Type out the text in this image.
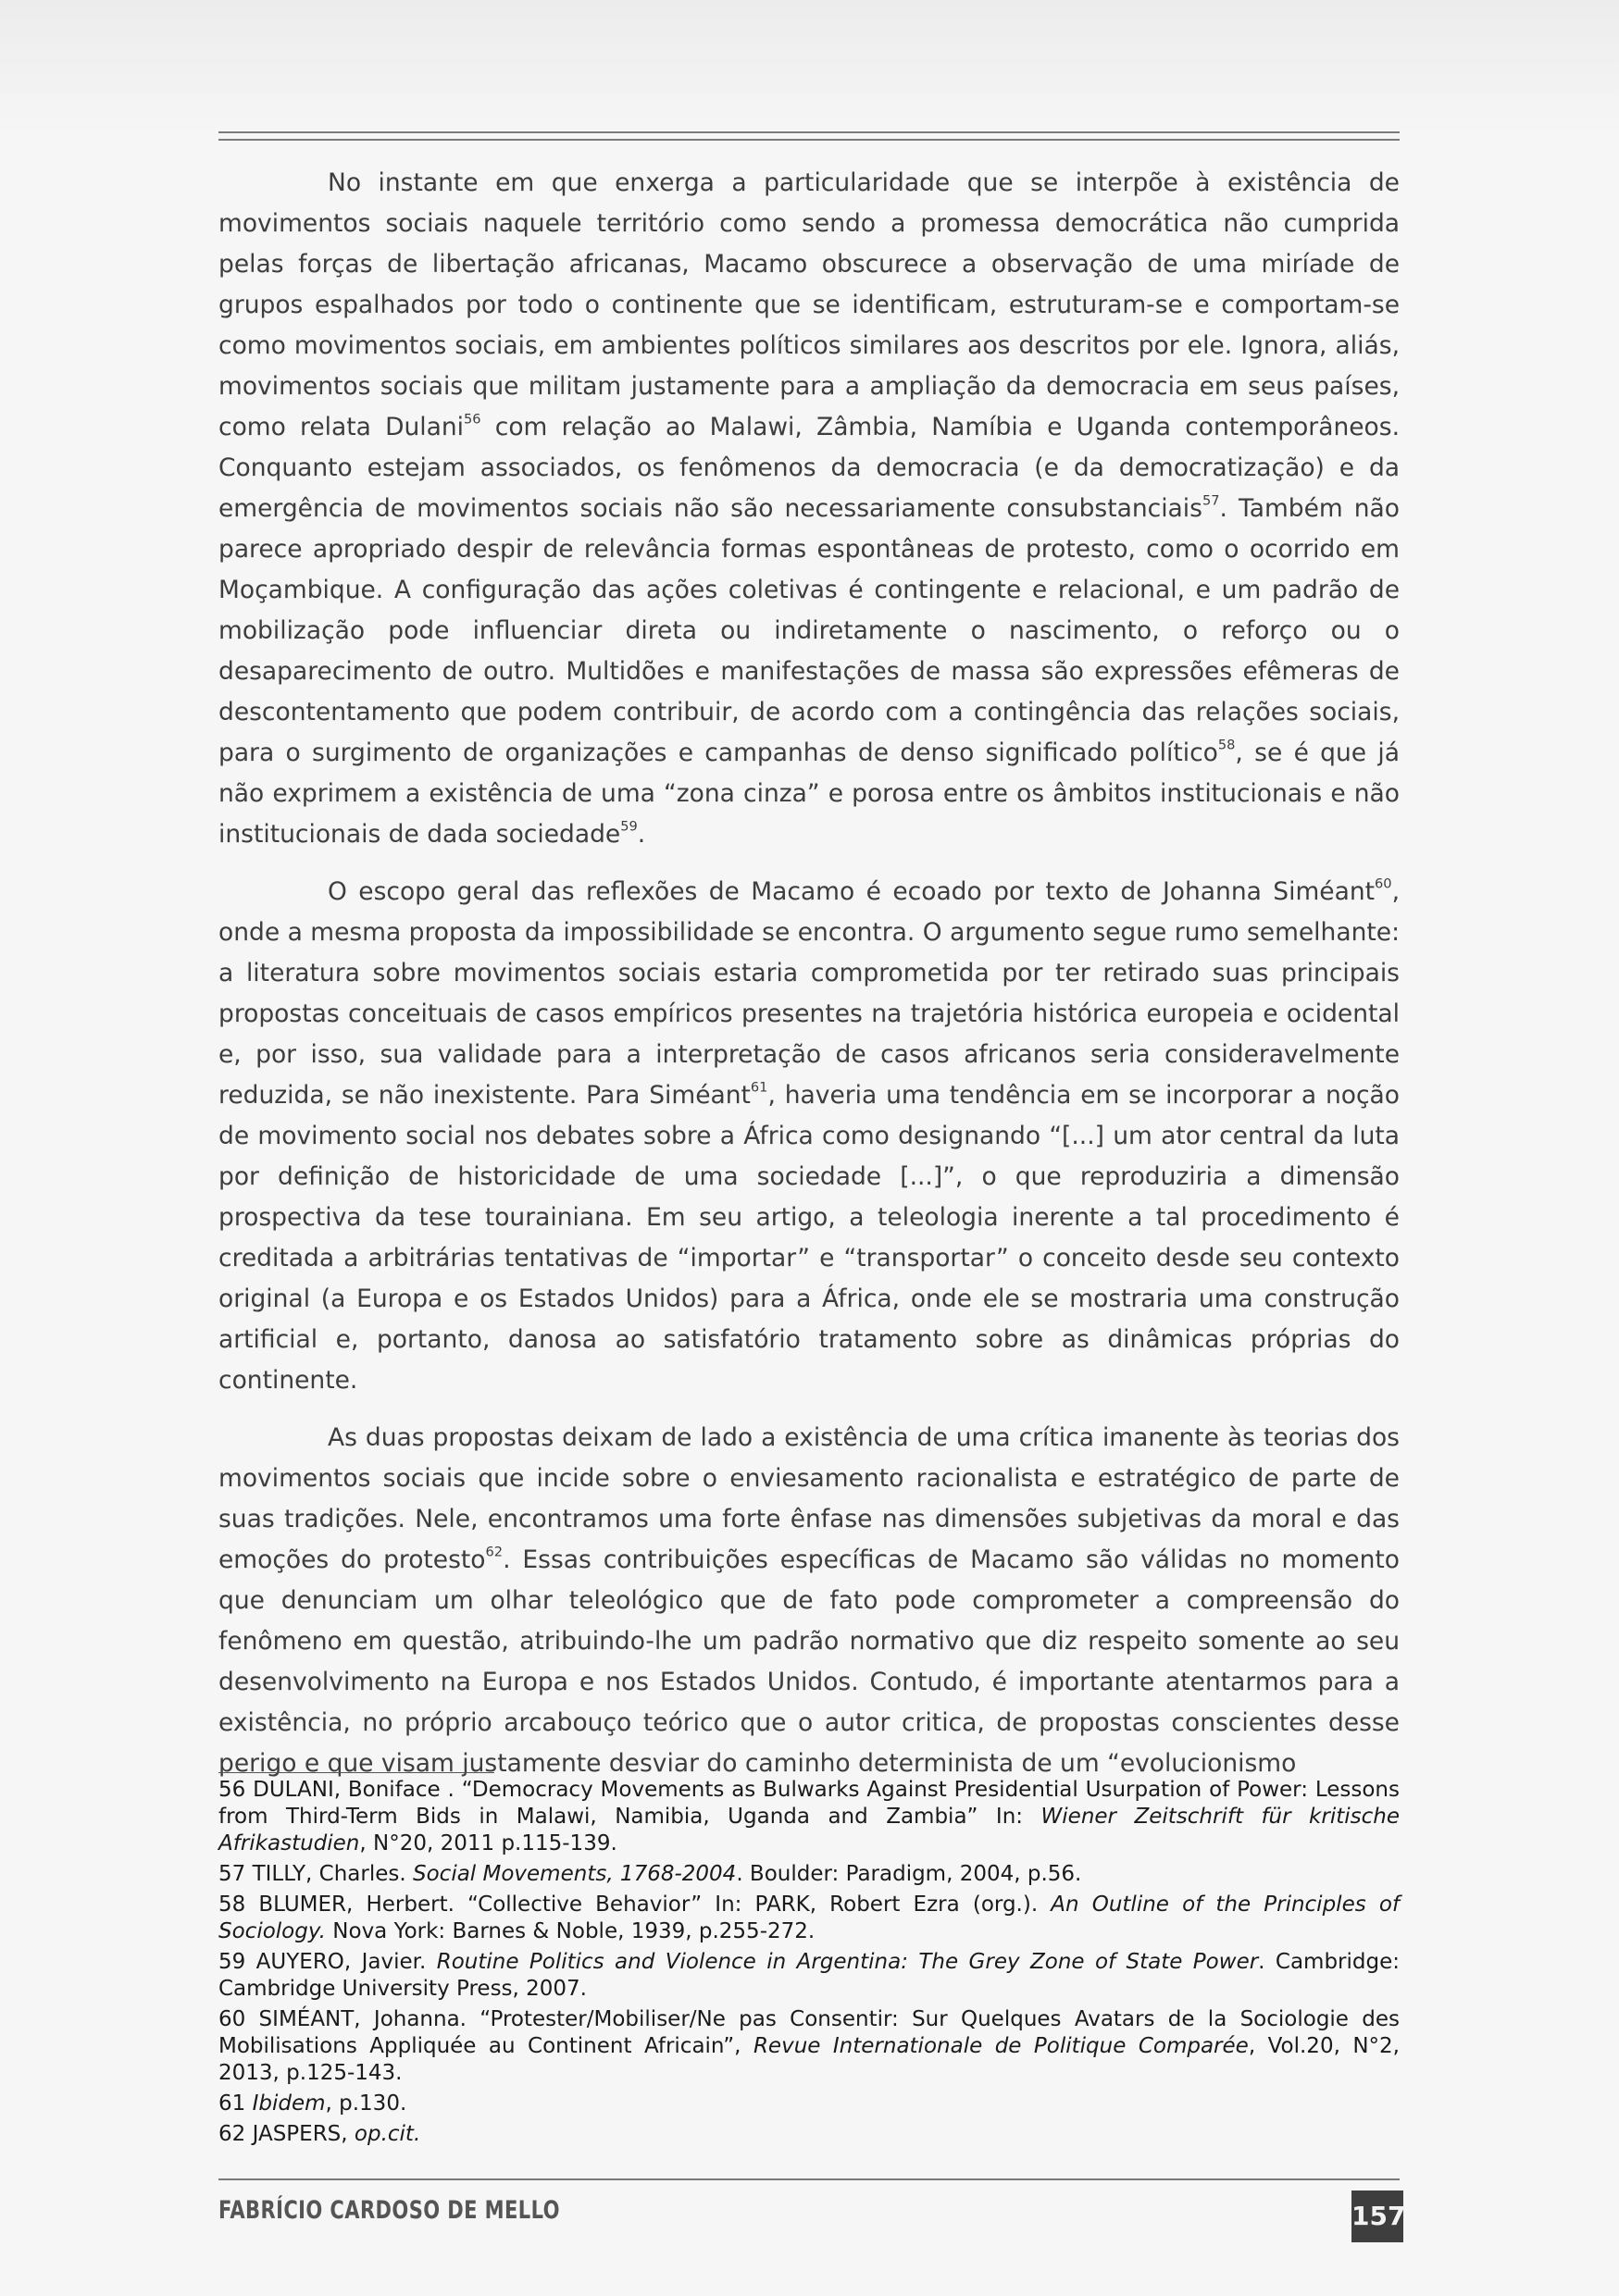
No instante em que enxerga a particularidade que se interpõe à existência de movimentos sociais naquele território como sendo a promessa democrática não cumprida pelas forças de libertação africanas, Macamo obscurece a observação de uma miríade de grupos espalhados por todo o continente que se identificam, estruturam-se e comportam-se como movimentos sociais, em ambientes políticos similares aos descritos por ele. Ignora, aliás, movimentos sociais que militam justamente para a ampliação da democracia em seus países, como relata Dulani$^{56}$ com relação ao Malawi, Zâmbia, Namíbia e Uganda contemporâneos. Conquanto estejam associados, os fenômenos da democracia (e da democratização) e da emergência de movimentos sociais não são necessariamente consubstanciais$^{57}$. Também não parece apropriado despir de relevância formas espontâneas de protesto, como o ocorrido em Moçambique. A configuração das ações coletivas é contingente e relacional, e um padrão de mobilização pode influenciar direta ou indiretamente o nascimento, o reforço ou o desaparecimento de outro. Multidões e manifestações de massa são expressões efêmeras de descontentamento que podem contribuir, de acordo com a contingência das relações sociais, para o surgimento de organizações e campanhas de denso significado político$^{58}$, se é que já não exprimem a existência de uma “zona cinza” e porosa entre os âmbitos institucionais e não institucionais de dada sociedade$^{59}$.

O escopo geral das reflexões de Macamo é ecoado por texto de Johanna Siméant$^{60}$, onde a mesma proposta da impossibilidade se encontra. O argumento segue rumo semelhante: a literatura sobre movimentos sociais estaria comprometida por ter retirado suas principais propostas conceituais de casos empíricos presentes na trajetória histórica europeia e ocidental e, por isso, sua validade para a interpretação de casos africanos seria consideravelmente reduzida, se não inexistente. Para Siméant$^{61}$, haveria uma tendência em se incorporar a noção de movimento social nos debates sobre a África como designando “[...] um ator central da luta por definição de historicidade de uma sociedade [...]”, o que reproduziria a dimensão prospectiva da tese tourainiana. Em seu artigo, a teleologia inerente a tal procedimento é creditada a arbitrárias tentativas de “importar” e “transportar” o conceito desde seu contexto original (a Europa e os Estados Unidos) para a África, onde ele se mostraria uma construção artificial e, portanto, danosa ao satisfatório tratamento sobre as dinâmicas próprias do continente.

As duas propostas deixam de lado a existência de uma crítica imanente às teorias dos movimentos sociais que incide sobre o enviesamento racionalista e estratégico de parte de suas tradições. Nele, encontramos uma forte ênfase nas dimensões subjetivas da moral e das emoções do protesto$^{62}$. Essas contribuições específicas de Macamo são válidas no momento que denunciam um olhar teleológico que de fato pode comprometer a compreensão do fenômeno em questão, atribuindo-lhe um padrão normativo que diz respeito somente ao seu desenvolvimento na Europa e nos Estados Unidos. Contudo, é importante atentarmos para a existência, no próprio arcabouço teórico que o autor critica, de propostas conscientes desse perigo e que visam justamente desviar do caminho determinista de um “evolucionismo

56 DULANI, Boniface . “Democracy Movements as Bulwarks Against Presidential Usurpation of Power: Lessons from Third-Term Bids in Malawi, Namibia, Uganda and Zambia” In: Wiener Zeitschrift für kritische Afrikastudien, N°20, 2011 p.115-139.

57 TILLY, Charles. Social Movements, 1768-2004. Boulder: Paradigm, 2004, p.56.

58 BLUMER, Herbert. “Collective Behavior” In: PARK, Robert Ezra (org.). An Outline of the Principles of Sociology. Nova York: Barnes & Noble, 1939, p.255-272.

59 AUYERO, Javier. Routine Politics and Violence in Argentina: The Grey Zone of State Power. Cambridge: Cambridge University Press, 2007.

60 SIMÉANT, Johanna. “Protester/Mobiliser/Ne pas Consentir: Sur Quelques Avatars de la Sociologie des Mobilisations Appliquée au Continent Africain”, Revue Internationale de Politique Comparée, Vol.20, N°2, 2013, p.125-143.

61 Ibidem, p.130.

62 JASPERS, op.cit.

FABRÍCIO CARDOSO DE MELLO	157
